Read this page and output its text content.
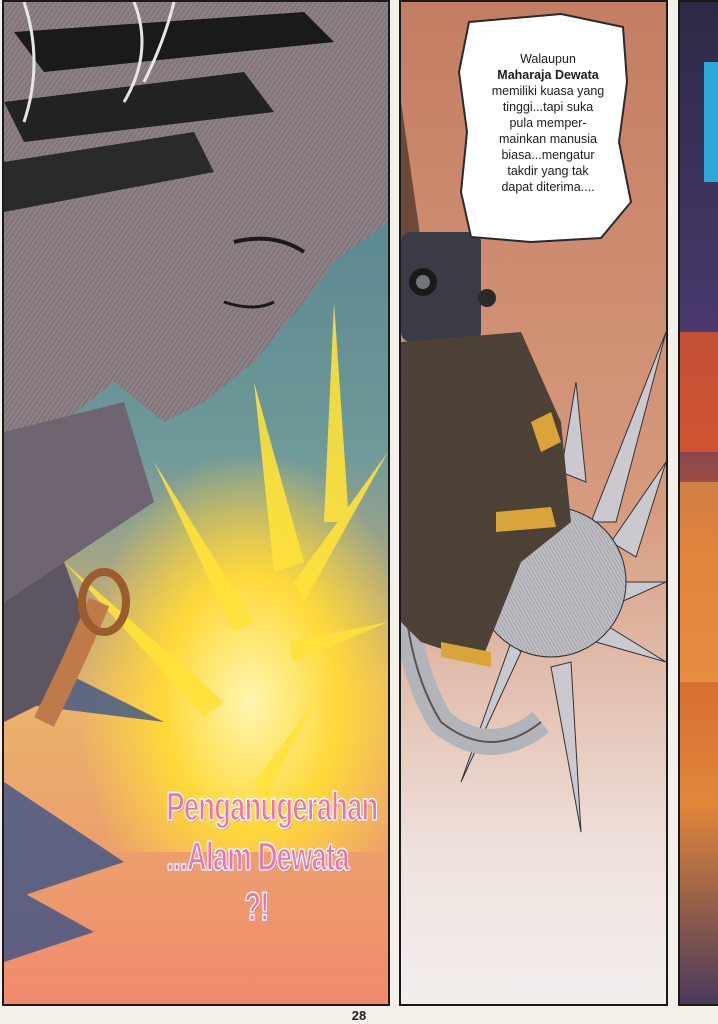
Penganugerahan
...Alam Dewata
?!
Walaupun
Maharaja Dewata
memiliki kuasa yang
tinggi...tapi suka
pula memper-
mainkan manusia
biasa...mengatur
takdir yang tak
dapat diterima....
28
